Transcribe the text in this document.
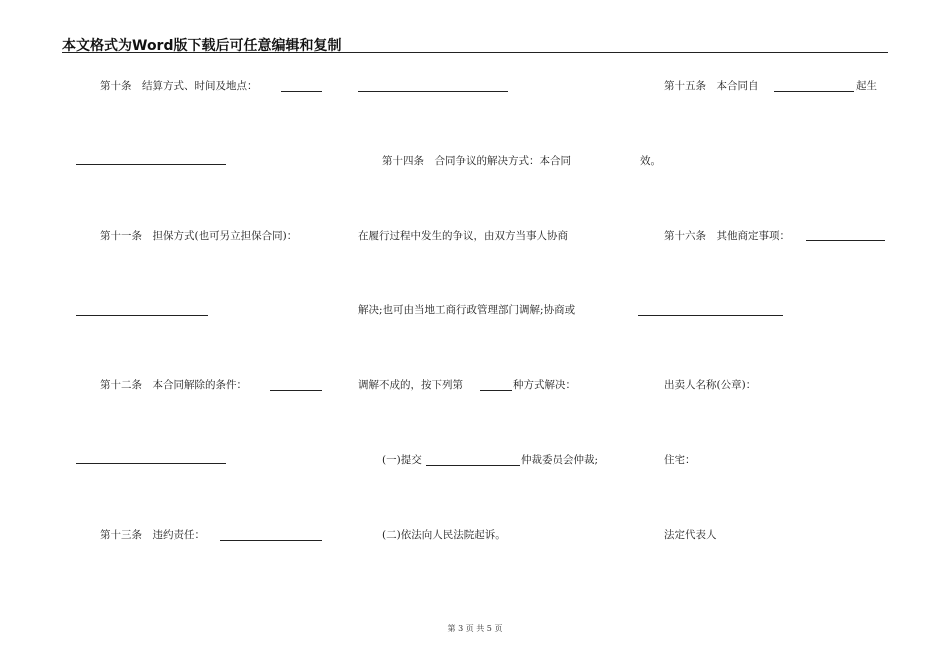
本文格式为Word版下载后可任意编辑和复制
第十条　结算方式、时间及地点：
第十一条　担保方式(也可另立担保合同)：
第十二条　本合同解除的条件：
第十三条　违约责任：
第十四条　合同争议的解决方式：本合同
在履行过程中发生的争议，由双方当事人协商
解决;也可由当地工商行政管理部门调解;协商或
调解不成的，按下列第	种方式解决：
(一)提交	仲裁委员会仲裁;
(二)依法向人民法院起诉。
第十五条　本合同自	起生
效。
第十六条　其他商定事项：
出卖人名称(公章)：
住宅：
法定代表人
第 3 页 共 5 页
